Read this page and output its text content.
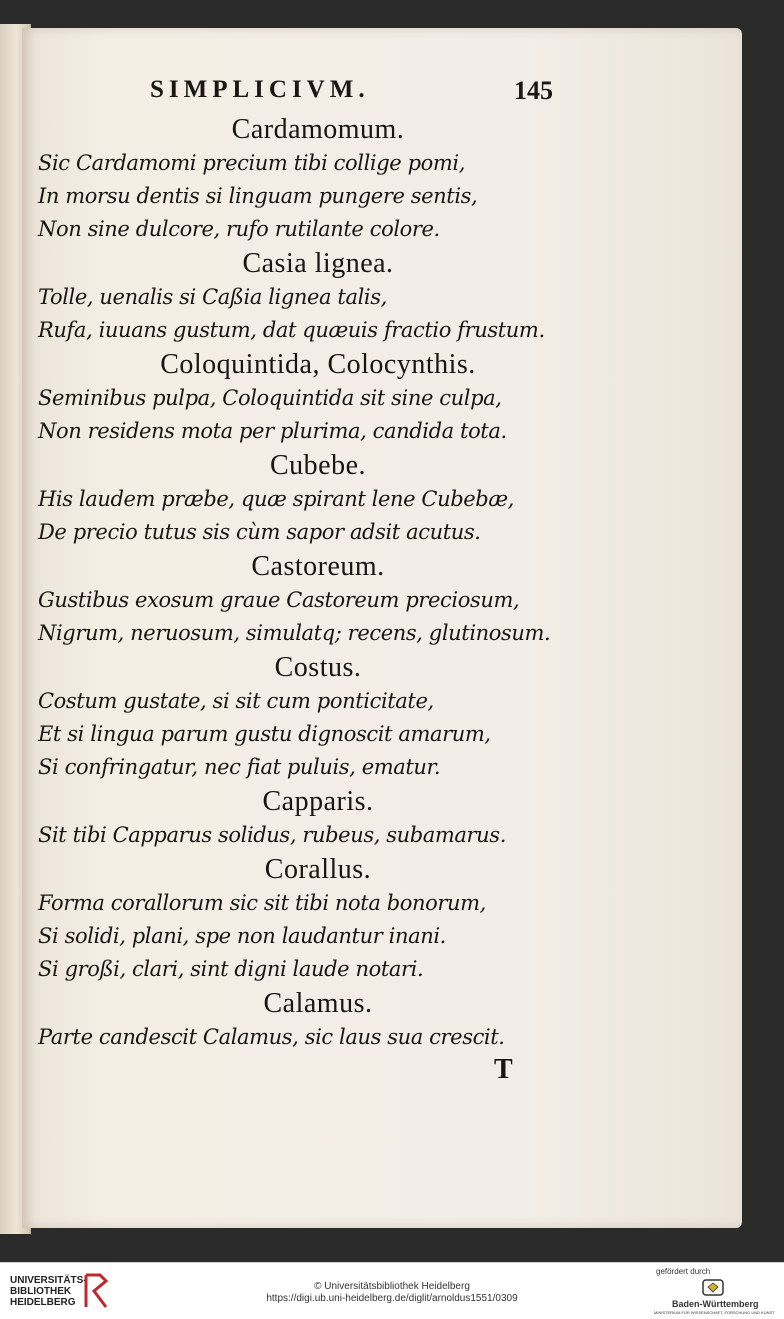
SIMPLICIVM.	145
Cardamomum.
Sic Cardamomi precium tibi collige pomi,
In morsu dentis si linguam pungere sentis,
Non sine dulcore, rufo rutilante colore.
Casia lignea.
Tolle, uenalis si Caßia lignea talis,
Rufa, iuuans gustum, dat quæuis fractio frustum.
Coloquintida, Colocynthis.
Seminibus pulpa, Coloquintida sit sine culpa,
Non residens mota per plurima, candida tota.
Cubebe.
His laudem præbe, quæ spirant lene Cubebæ,
De precio tutus sis cùm sapor adsit acutus.
Castoreum.
Gustibus exosum graue Castoreum preciosum,
Nigrum, neruosum, simulatq; recens, glutinosum.
Costus.
Costum gustate, si sit cum ponticitate,
Et si lingua parum gustu dignoscit amarum,
Si confringatur, nec fiat puluis, ematur.
Capparis.
Sit tibi Capparus solidus, rubeus, subamarus.
Corallus.
Forma corallorum sic sit tibi nota bonorum,
Si solidi, plani, spe non laudantur inani.
Si großi, clari, sint digni laude notari.
Calamus.
Parte candescit Calamus, sic laus sua crescit.
T
UNIVERSITÄTS-
BIBLIOTHEK
HEIDELBERG
© Universitätsbibliothek Heidelberg
https://digi.ub.uni-heidelberg.de/diglit/arnoldus1551/0309
gefördert durch
Baden-Württemberg
MINISTERIUM FÜR WISSENSCHAFT, FORSCHUNG UND KUNST
